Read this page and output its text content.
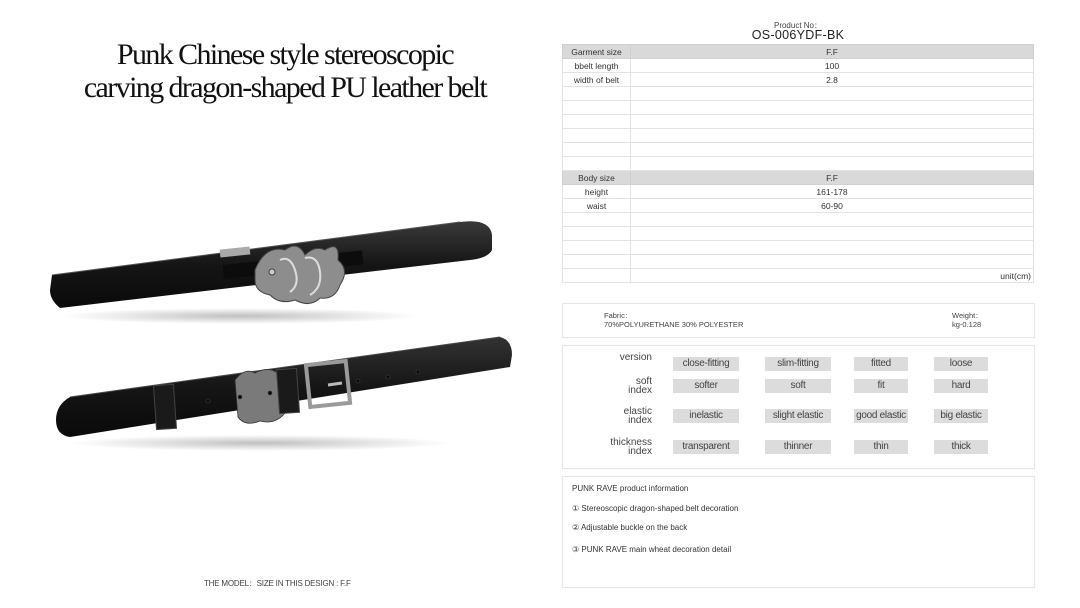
Punk Chinese style stereoscopic
carving dragon-shaped PU leather belt
THE MODEL：SIZE IN THIS DESIGN : F.F
Product No：
OS-006YDF-BK
Garment size	F.F
bbelt length	100
width of belt	2.8

Body size	F.F
height	161-178
waist	60-90

	unit(cm)
Fabric：
70%POLYURETHANE 30% POLYESTER
Weight：
kg-0.128
version
close-fitting	slim-fitting	fitted	loose
soft
index	softer	soft	fit	hard
elastic
index	inelastic	slight elastic	good elastic	big elastic
thickness
index	transparent	thinner	thin	thick
PUNK RAVE product information
① Stereoscopic dragon-shaped belt decoration
② Adjustable buckle on the back
③ PUNK RAVE main wheat decoration detail
